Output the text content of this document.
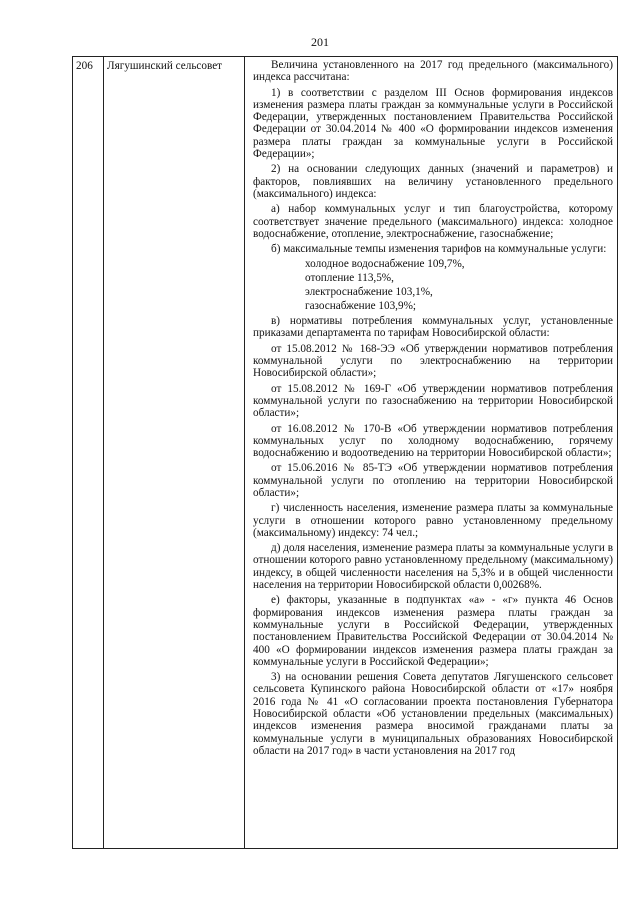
201
206	Лягушинский сельсовет	Величина установленного на 2017 год предельного (максимального) индекса рассчитана:
1) в соответствии с разделом III Основ формирования индексов изменения размера платы граждан за коммунальные услуги в Российской Федерации, утвержденных постановлением Правительства Российской Федерации от 30.04.2014 № 400 «О формировании индексов изменения размера платы граждан за коммунальные услуги в Российской Федерации»;
2) на основании следующих данных (значений и параметров) и факторов, повлиявших на величину установленного предельного (максимального) индекса:
а) набор коммунальных услуг и тип благоустройства, которому соответствует значение предельного (максимального) индекса: холодное водоснабжение, отопление, электроснабжение, газоснабжение;
б) максимальные темпы изменения тарифов на коммунальные услуги:
холодное водоснабжение 109,7%,
отопление 113,5%,
электроснабжение 103,1%,
газоснабжение 103,9%;
в) нормативы потребления коммунальных услуг, установленные приказами департамента по тарифам Новосибирской области:
от 15.08.2012 № 168-ЭЭ «Об утверждении нормативов потребления коммунальной услуги по электроснабжению на территории Новосибирской области»;
от 15.08.2012 № 169-Г «Об утверждении нормативов потребления коммунальной услуги по газоснабжению на территории Новосибирской области»;
от 16.08.2012 № 170-В «Об утверждении нормативов потребления коммунальных услуг по холодному водоснабжению, горячему водоснабжению и водоотведению на территории Новосибирской области»;
от 15.06.2016 № 85-ТЭ «Об утверждении нормативов потребления коммунальной услуги по отоплению на территории Новосибирской области»;
г) численность населения, изменение размера платы за коммунальные услуги в отношении которого равно установленному предельному (максимальному) индексу: 74 чел.;
д) доля населения, изменение размера платы за коммунальные услуги в отношении которого равно установленному предельному (максимальному) индексу, в общей численности населения на 5,3% и в общей численности населения на территории Новосибирской области 0,00268%.
е) факторы, указанные в подпунктах «а» - «г» пункта 46 Основ формирования индексов изменения размера платы граждан за коммунальные услуги в Российской Федерации, утвержденных постановлением Правительства Российской Федерации от 30.04.2014 № 400 «О формировании индексов изменения размера платы граждан за коммунальные услуги в Российской Федерации»;
3) на основании решения Совета депутатов Лягушенского сельсовет сельсовета Купинского района Новосибирской области от «17» ноября 2016 года № 41 «О согласовании проекта постановления Губернатора Новосибирской области «Об установлении предельных (максимальных) индексов изменения размера вносимой гражданами платы за коммунальные услуги в муниципальных образованиях Новосибирской области на 2017 год» в части установления на 2017 год
